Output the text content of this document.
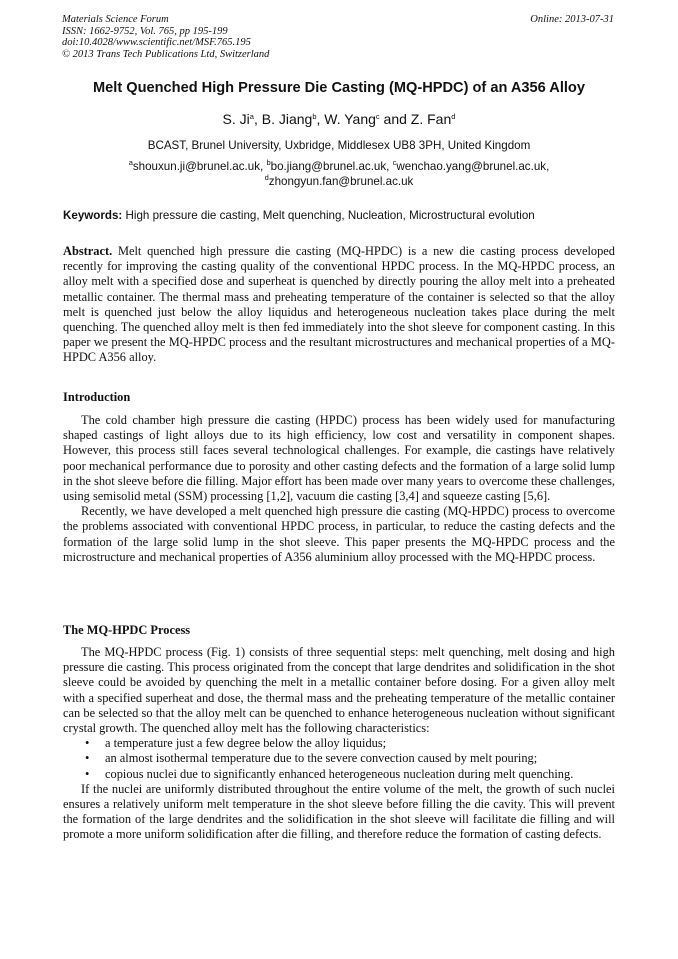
Materials Science Forum	Online: 2013-07-31
ISSN: 1662-9752, Vol. 765, pp 195-199
doi:10.4028/www.scientific.net/MSF.765.195
© 2013 Trans Tech Publications Ltd, Switzerland
Melt Quenched High Pressure Die Casting (MQ-HPDC) of an A356 Alloy
S. Ji$^a$, B. Jiang$^b$, W. Yang$^c$ and Z. Fan$^d$
BCAST, Brunel University, Uxbridge, Middlesex UB8 3PH, United Kingdom
$^a$shouxun.ji@brunel.ac.uk, $^b$bo.jiang@brunel.ac.uk, $^c$wenchao.yang@brunel.ac.uk,
$^d$zhongyun.fan@brunel.ac.uk
Keywords: High pressure die casting, Melt quenching, Nucleation, Microstructural evolution

Abstract. Melt quenched high pressure die casting (MQ-HPDC) is a new die casting process developed recently for improving the casting quality of the conventional HPDC process. In the MQ-HPDC process, an alloy melt with a specified dose and superheat is quenched by directly pouring the alloy melt into a preheated metallic container. The thermal mass and preheating temperature of the container is selected so that the alloy melt is quenched just below the alloy liquidus and heterogeneous nucleation takes place during the melt quenching. The quenched alloy melt is then fed immediately into the shot sleeve for component casting. In this paper we present the MQ-HPDC process and the resultant microstructures and mechanical properties of a MQ-HPDC A356 alloy.

Introduction

The cold chamber high pressure die casting (HPDC) process has been widely used for manufacturing shaped castings of light alloys due to its high efficiency, low cost and versatility in component shapes. However, this process still faces several technological challenges. For example, die castings have relatively poor mechanical performance due to porosity and other casting defects and the formation of a large solid lump in the shot sleeve before die filling. Major effort has been made over many years to overcome these challenges, using semisolid metal (SSM) processing [1,2], vacuum die casting [3,4] and squeeze casting [5,6].

Recently, we have developed a melt quenched high pressure die casting (MQ-HPDC) process to overcome the problems associated with conventional HPDC process, in particular, to reduce the casting defects and the formation of the large solid lump in the shot sleeve. This paper presents the MQ-HPDC process and the microstructure and mechanical properties of A356 aluminium alloy processed with the MQ-HPDC process.

The MQ-HPDC Process

The MQ-HPDC process (Fig. 1) consists of three sequential steps: melt quenching, melt dosing and high pressure die casting. This process originated from the concept that large dendrites and solidification in the shot sleeve could be avoided by quenching the melt in a metallic container before dosing. For a given alloy melt with a specified superheat and dose, the thermal mass and the preheating temperature of the metallic container can be selected so that the alloy melt can be quenched to enhance heterogeneous nucleation without significant crystal growth. The quenched alloy melt has the following characteristics:

• a temperature just a few degree below the alloy liquidus;
• an almost isothermal temperature due to the severe convection caused by melt pouring;
• copious nuclei due to significantly enhanced heterogeneous nucleation during melt quenching.

If the nuclei are uniformly distributed throughout the entire volume of the melt, the growth of such nuclei ensures a relatively uniform melt temperature in the shot sleeve before filling the die cavity. This will prevent the formation of the large dendrites and the solidification in the shot sleeve will facilitate die filling and will promote a more uniform solidification after die filling, and therefore reduce the formation of casting defects.
